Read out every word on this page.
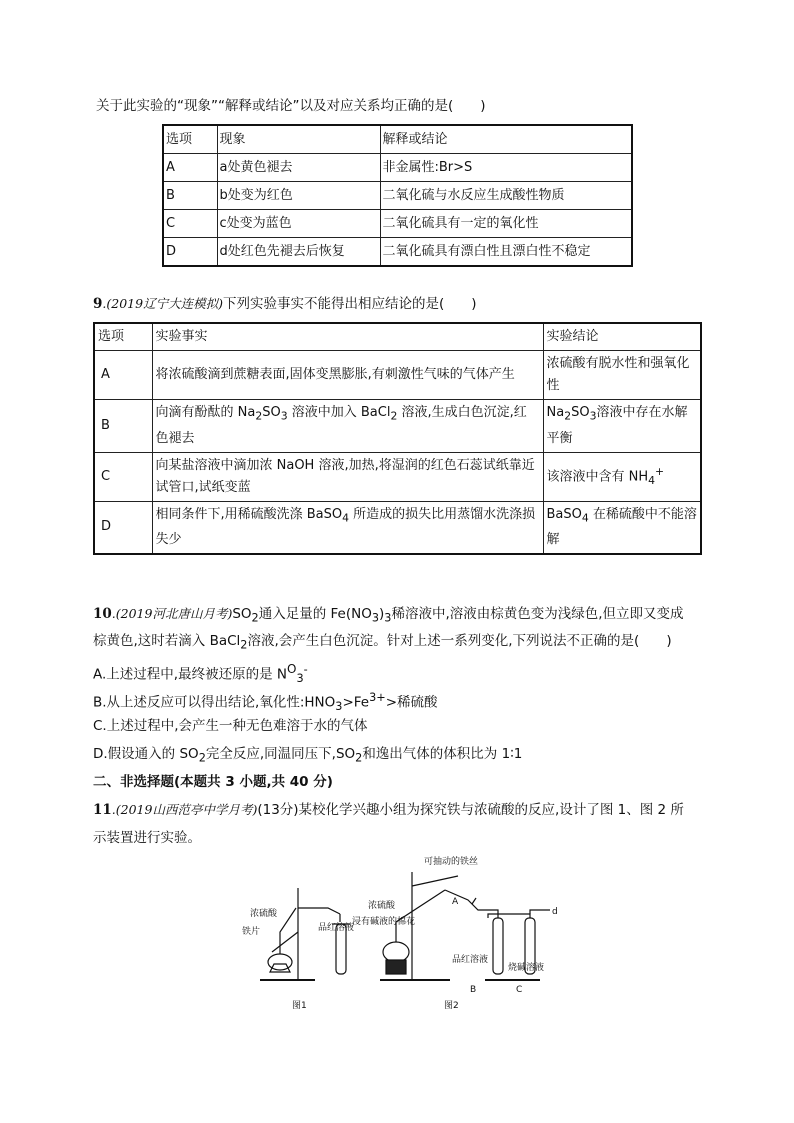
关于此实验的“现象”“解释或结论”以及对应关系均正确的是(　　)
选项	现象	解释或结论
A	a处黄色褪去	非金属性:Br>S
B	b处变为红色	二氧化硫与水反应生成酸性物质
C	c处变为蓝色	二氧化硫具有一定的氧化性
D	d处红色先褪去后恢复	二氧化硫具有漂白性且漂白性不稳定
9.(2019辽宁大连模拟)下列实验事实不能得出相应结论的是(　　)
选项	实验事实	实验结论
A	将浓硫酸滴到蔗糖表面,固体变黑膨胀,有刺激性气味的气体产生	浓硫酸有脱水性和强氧化性
B	向滴有酚酞的 $Na_2SO_3$ 溶液中加入 BaCl$_2$ 溶液,生成白色沉淀,红色褪去	$Na_2SO_3$溶液中存在水解平衡
C	向某盐溶液中滴加浓 NaOH 溶液,加热,将湿润的红色石蕊试纸靠近试管口,试纸变蓝	该溶液中含有 $NH_4^+$
D	相同条件下,用稀硫酸洗涤 BaSO$_4$ 所造成的损失比用蒸馏水洗涤损失少	BaSO$_4$ 在稀硫酸中不能溶解
10.(2019河北唐山月考)$SO_2$通入足量的 $Fe(NO_3)_3$稀溶液中,溶液由棕黄色变为浅绿色,但立即又变成
棕黄色,这时若滴入 BaCl$_2$溶液,会产生白色沉淀。针对上述一系列变化,下列说法不正确的是(　　)
A.上述过程中,最终被还原的是 $NO_3^-$
B.从上述反应可以得出结论,氧化性$:HNO_3>Fe^{3+}>$稀硫酸
C.上述过程中,会产生一种无色难溶于水的气体
D.假设通入的 $SO_2$完全反应,同温同压下$,SO_2$和逸出气体的体积比为 1∶1
二、非选择题(本题共 3 小题,共 40 分)
11.(2019山西范亭中学月考)(13分)某校化学兴趣小组为探究铁与浓硫酸的反应,设计了图 1、图 2 所
示装置进行实验。
浓硫酸
铁片	品红溶液
浸有碱液的棉花
可抽动的铁丝
浓硫酸	A
d
品红溶液
B
烧碱溶液
C
图1	图2
